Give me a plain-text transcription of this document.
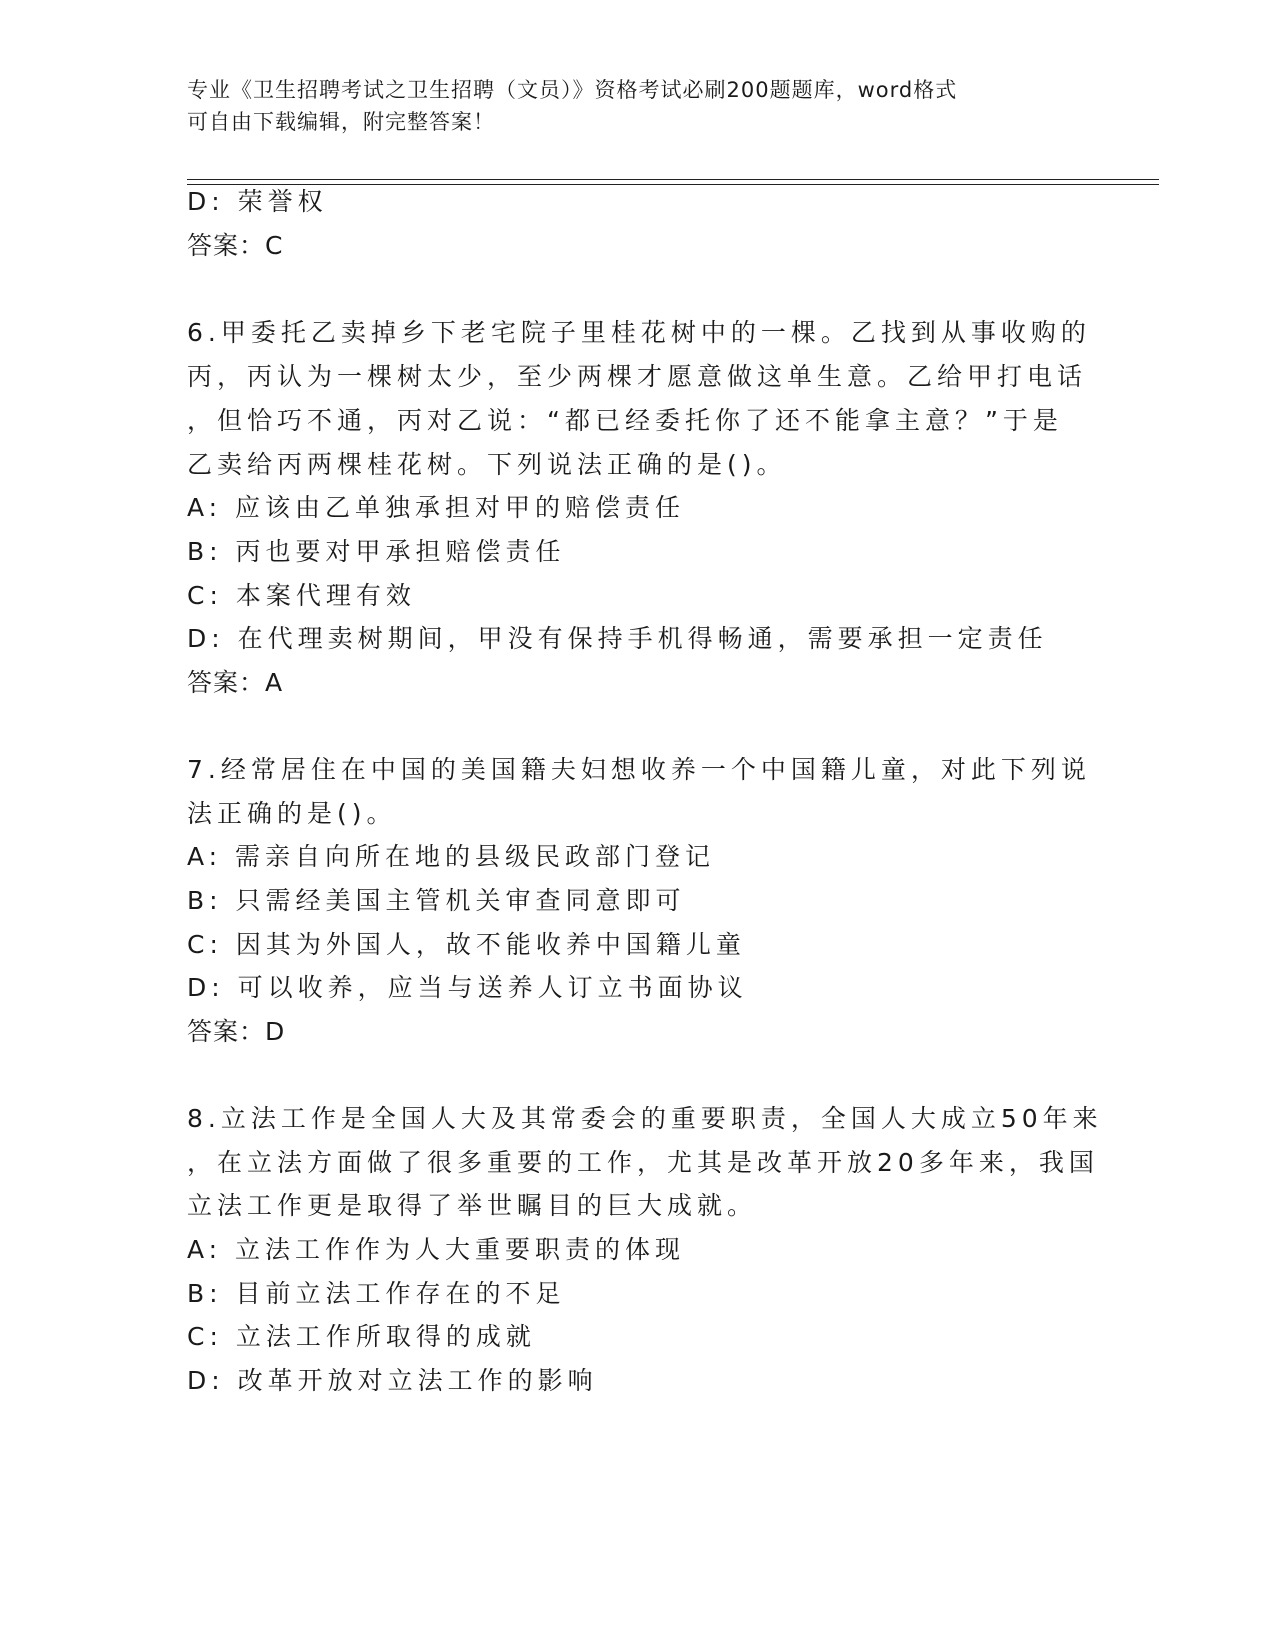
专业《卫生招聘考试之卫生招聘（文员）》资格考试必刷200题题库，word格式
可自由下载编辑，附完整答案！
D: 荣誉权
答案：C
6.甲委托乙卖掉乡下老宅院子里桂花树中的一棵。乙找到从事收购的
丙，丙认为一棵树太少，至少两棵才愿意做这单生意。乙给甲打电话
，但恰巧不通，丙对乙说：“都已经委托你了还不能拿主意？”于是
乙卖给丙两棵桂花树。下列说法正确的是()。
A: 应该由乙单独承担对甲的赔偿责任
B: 丙也要对甲承担赔偿责任
C: 本案代理有效
D: 在代理卖树期间，甲没有保持手机得畅通，需要承担一定责任
答案：A
7.经常居住在中国的美国籍夫妇想收养一个中国籍儿童，对此下列说
法正确的是()。
A: 需亲自向所在地的县级民政部门登记
B: 只需经美国主管机关审查同意即可
C: 因其为外国人，故不能收养中国籍儿童
D: 可以收养，应当与送养人订立书面协议
答案：D
8.立法工作是全国人大及其常委会的重要职责，全国人大成立50年来
，在立法方面做了很多重要的工作，尤其是改革开放20多年来，我国
立法工作更是取得了举世瞩目的巨大成就。
A: 立法工作作为人大重要职责的体现
B: 目前立法工作存在的不足
C: 立法工作所取得的成就
D: 改革开放对立法工作的影响
